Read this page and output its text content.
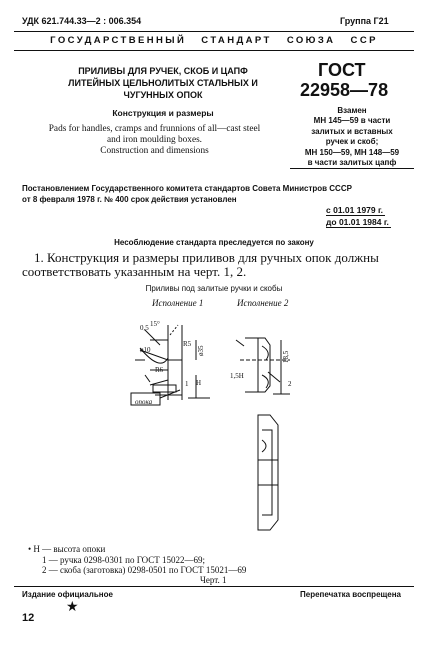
УДК 621.744.33—2 : 006.354	Группа Г21
ГОСУДАРСТВЕННЫЙ   СТАНДАРТ   СОЮЗА   ССР
ПРИЛИВЫ ДЛЯ РУЧЕК, СКОБ И ЦАПФ
ЛИТЕЙНЫХ ЦЕЛЬНОЛИТЫХ СТАЛЬНЫХ И
ЧУГУННЫХ ОПОК
Конструкция и размеры
Pads for handles, cramps and frunnions of all—cast steel
and iron moulding boxes.
Construction and dimensions
ГОСТ
22958—78
Взамен
МН 145—59 в части
залитых и вставных
ручек и скоб;
МН 150—59, МН 148—59
в части залитых цапф
Постановлением Государственного комитета стандартов Совета Министров СССР
от 8 февраля 1978 г. № 400 срок действия установлен
с 01.01 1979 г.
до 01.01 1984 г.
Несоблюдение стандарта преследуется по закону
1. Конструкция и размеры приливов для ручных опок должны
соответствовать указанным на черт. 1, 2.
Приливы под залитые ручки и скобы
Исполнение 1	Исполнение 2
15°
R5
ø35
H
R6
опока
1	2
ø10
0,5
18,5
1,5H
• H — высота опоки
1 — ручка 0298-0301 по ГОСТ 15022—69;
2 — скоба (заготовка) 0298-0501 по ГОСТ 15021—69
Черт. 1
Издание официальное	Перепечатка воспрещена
★
12
